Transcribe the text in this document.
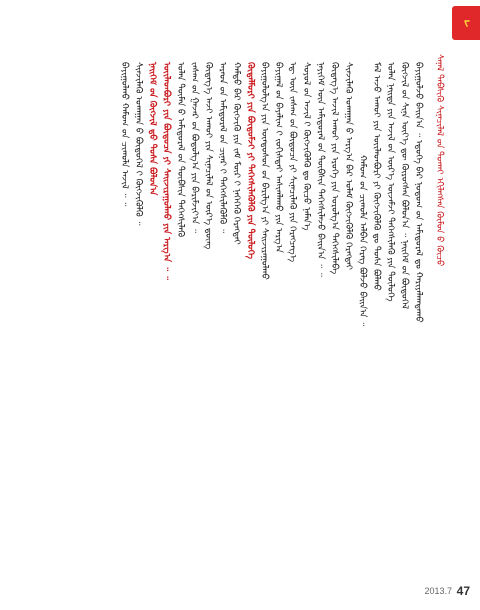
ᠵ
ᠰᠠᠨᠠᠯ ᠳᠡᠪᠰᠢᠬᠦ ᠰᠢᠨᠡᠴᠢᠯᠡᠯ ᠤ᠋ᠨ ᠲᠤᠬᠠᠢ ᠡᠬᠢᠯᠡᠭᠰᠡᠨ ᠬᠦᠮᠦᠨ ᠤ᠋ ᠬᠦᠴᠦ
ᠪᠠᠶᠢᠭᠤᠯᠵᠤ ᠪᠠᠢᠨ᠎ᠠ ᠃ ᠡᠳᠦᠭᠡ ᠪᠡᠷ ᠨᠤᠲᠤᠭ ᠤ᠋ᠨ ᠠᠮᠢᠳᠤᠷᠠᠯ ᠳᠤ ᠬᠠᠷᠢᠶᠠᠯᠠᠭᠳᠠᠬᠤ
ᠬᠥᠭᠵᠢᠯ ᠤ᠋ᠨ ᠰᠢᠨᠡ ᠦᠶ᠎ᠡ ᠳᠦ ᠬᠦᠷᠦᠭᠰᠡᠨ ᠪᠣᠯᠤᠨ᠎ᠠ ᠃ ᠨᠡᠢᠭᠡᠮ ᠤ᠋ᠨ ᠪᠦᠲᠦᠭᠡᠯ
ᠣᠯᠠᠨ ᠨᠡᠢᠲᠡ ᠶᠢᠨ ᠠᠵᠢᠯ ᠤ᠋ᠨ ᠦᠷ᠎ᠡ ᠦᠵᠡᠮᠵᠢ ᠳᠡᠭᠡᠭᠰᠢᠯᠡᠬᠦ ᠶᠢᠨ ᠲᠥᠯᠥᠭᠡ
ᠮᠠᠯ ᠠᠵᠤ ᠠᠬᠤᠢ ᠶᠢᠨ ᠦᠢᠯᠡᠳᠪᠦᠷᠢ ᠶᠢ ᠬᠥᠭᠵᠢᠭᠦᠯᠬᠦ ᠳᠤ ᠲᠤᠰᠠ ᠪᠣᠯᠬᠤ
ᠬᠠᠮᠤᠭ ᠤ᠋ᠨ ᠴᠢᠬᠤᠯᠠ ᠠᠯᠪᠠᠨ ᠬᠡᠷᠡᠭ ᠪᠣᠯᠵᠤ ᠪᠠᠢᠨ᠎ᠠ ᠃
ᠰᠢᠨᠵᠢᠯᠡᠬᠦ ᠤᠬᠠᠭᠠᠨ ᠤ᠋ ᠠᠷᠭ᠎ᠠ ᠪᠠᠷ ᠤᠯᠠᠮ ᠬᠥᠭᠵᠢᠭᠦᠯᠬᠦ ᠬᠡᠷᠡᠭᠲᠡᠢ
ᠬᠥᠳᠡᠭ᠎ᠡ ᠠᠵᠢᠯ ᠠᠬᠤᠢ ᠶᠢᠨ ᠡᠷᠦᠬᠡ ᠶᠢᠨ ᠣᠷᠣᠯᠭ᠎ᠠ ᠳᠡᠭᠡᠭᠰᠢᠯᠡᠪᠡ
ᠨᠡᠶᠢᠭᠡᠮ ᠦᠨ ᠠᠮᠢᠳᠤᠷᠠᠯ ᠤ᠋ᠨ ᠲᠦᠪᠰᠢᠨ ᠳᠡᠭᠡᠭᠰᠢᠯᠡᠵᠦ ᠪᠠᠢᠨ᠎ᠠ ᠃ ᠃
ᠰᠣᠶᠣᠯ ᠤ᠋ᠨ ᠠᠵᠢᠯ ᠢ᠋ ᠬᠥᠭᠵᠢᠭᠦᠯᠬᠦ ᠳᠤ ᠬᠦᠴᠦ ᠨᠡᠮᠡᠨ᠎ᠡ
ᠡᠳ᠋ ᠦᠨ ᠵᠠᠰᠠᠭ ᠤ᠋ᠨ ᠪᠦᠲᠦᠴᠡ ᠶᠢ ᠰᠢᠨᠡᠴᠢᠯᠡᠬᠦ ᠶᠢᠨ ᠬᠡᠷᠡᠭᠴᠡᠭ᠎ᠡ
ᠪᠠᠶᠢᠭᠠᠯ ᠤ᠋ᠨ ᠪᠠᠶᠠᠯᠢᠭ ᠢ᠋ ᠵᠣᠬᠢᠰᠲᠠᠢ ᠠᠰᠢᠭᠯᠠᠬᠤ ᠶᠢᠨ ᠠᠷᠭ᠎ᠠ
ᠪᠠᠶᠢᠭᠤᠯᠤᠯᠭ᠎ᠠ ᠶᠢᠨ ᠦᠨᠳᠦᠰᠦᠨ ᠤ᠋ᠨ ᠪᠠᠷᠢᠯᠭ᠎ᠠ ᠶᠢ ᠰᠠᠢᠵᠢᠷᠠᠭᠤᠯᠬᠤ
ᠬᠥᠳᠡᠯᠮᠦᠷᠢ ᠶᠢᠨ ᠪᠦᠲᠦᠮᠵᠢ ᠶᠢ ᠳᠡᠭᠡᠭᠰᠢᠯᠡᠭᠦᠯᠬᠦ ᠶᠢᠨ ᠲᠥᠯᠥᠭᠡ
ᠬᠠᠮᠲᠤ ᠪᠡᠷ ᠬᠥᠭᠵᠢᠬᠦ ᠶᠢᠨ ᠵᠠᠮ ᠮᠥᠷ ᠢ᠋ ᠨᠡᠭᠡᠭᠡᠬᠦ ᠬᠡᠷᠡᠭᠲᠡᠢ
ᠠᠷᠠᠳ ᠤ᠋ᠨ ᠠᠮᠢᠳᠤᠷᠠᠯ ᠤ᠋ᠨ ᠴᠢᠨᠠᠷ ᠢ᠋ ᠳᠡᠭᠡᠭᠰᠢᠯᠡᠭᠦᠯᠬᠦ ᠃
ᠬᠥᠳᠡᠭ᠎ᠡ ᠠᠵᠢ ᠠᠬᠤᠢ ᠶᠢᠨ ᠰᠢᠨᠡᠴᠢᠯᠡᠯ ᠤ᠋ᠨ ᠦᠷ᠎ᠡ ᠳ᠋ᠦᠩ
ᠵᠠᠰᠠᠭ ᠤ᠋ᠨ ᠭᠠᠵᠠᠷ ᠤ᠋ᠨ ᠪᠣᠳᠤᠯᠭ᠎ᠠ ᠶᠢᠨ ᠪᠠᠷᠢᠮᠵᠢᠶ᠎ᠠ ᠃
ᠣᠯᠠᠨ ᠲᠦᠮᠡᠨ ᠤ᠋ ᠠᠮᠢᠳᠤᠷᠠᠯ ᠤ᠋ᠨ ᠲᠦᠪᠰᠢᠨ ᠳᠡᠭᠡᠭᠰᠢᠯᠡᠬᠦ
ᠦᠢᠯᠡᠳᠪᠦᠷᠢ ᠶᠢᠨ ᠪᠦᠲᠦᠴᠡ ᠶᠢ ᠰᠠᠢᠵᠢᠷᠠᠭᠤᠯᠬᠤ ᠶᠢᠨ ᠠᠷᠭ᠎ᠠ ᠃ ᠃
ᠨᠡᠢᠭᠡᠮ ᠤ᠋ᠨ ᠬᠥᠭᠵᠢᠯ ᠳ᠋ᠦ ᠲᠤᠰᠠ ᠪᠣᠯᠤᠨ᠎ᠠ
ᠰᠢᠨᠵᠢᠯᠡᠬᠦ ᠤᠬᠠᠭᠠᠨ ᠤ᠋ ᠪᠦᠲᠦᠭᠡᠯ ᠢ᠋ ᠬᠥᠭᠵᠢᠭᠦᠯᠬᠦ ᠃
ᠪᠠᠶᠢᠭᠤᠯᠬᠤ ᠬᠠᠮᠤᠭ ᠤ᠋ᠨ ᠴᠢᠬᠤᠯᠠ ᠠᠵᠢᠯ ᠃ ᠃
2013.7 47
